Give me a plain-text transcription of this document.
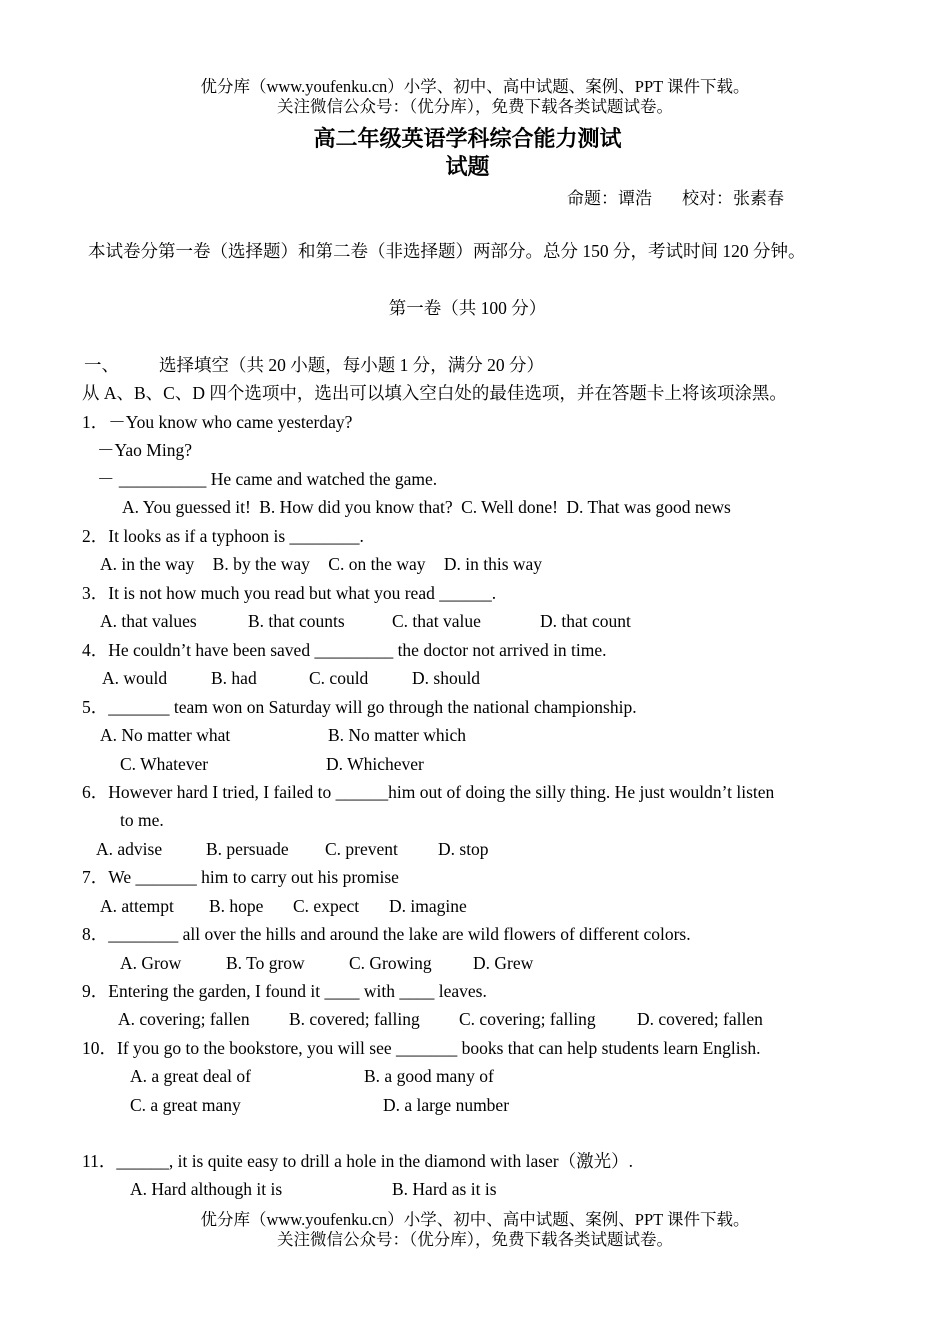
优分库（www.youfenku.cn）小学、初中、高中试题、案例、PPT 课件下载。
关注微信公众号：（优分库），免费下载各类试题试卷。
高二年级英语学科综合能力测试
试题
命题：谭浩 校对：张素春
本试卷分第一卷（选择题）和第二卷（非选择题）两部分。总分 150 分，考试时间 120 分钟。
第一卷（共 100 分）
一、 选择填空（共 20 小题，每小题 1 分，满分 20 分）
从 A、B、C、D 四个选项中，选出可以填入空白处的最佳选项，并在答题卡上将该项涂黑。
1．－You know who came yesterday?
－Yao Ming?
－ __________ He came and watched the game.
A. You guessed it! B. How did you know that? C. Well done! D. That was good news
2．It looks as if a typhoon is ________.
A. in the way B. by the way C. on the way D. in this way
3．It is not how much you read but what you read ______.
A. that values	B. that counts	C. that value	D. that count
4．He couldn’t have been saved _________ the doctor not arrived in time.
A. would	B. had	C. could D. should
5．_______ team won on Saturday will go through the national championship.
A. No matter what	B. No matter which
C. Whatever	D. Whichever
6．However hard I tried, I failed to ______him out of doing the silly thing. He just wouldn’t listen
to me.
A. advise	B. persuade C. prevent D. stop
7．We _______ him to carry out his promise
A. attempt B. hope C. expect D. imagine
8．________ all over the hills and around the lake are wild flowers of different colors.
A. Grow	B. To grow	C. Growing D. Grew
9．Entering the garden, I found it ____ with ____ leaves.
A. covering; fallen B. covered; falling C. covering; falling D. covered; fallen
10．If you go to the bookstore, you will see _______ books that can help students learn English.
A. a great deal of	B. a good many of
C. a great many	D. a large number
11．______, it is quite easy to drill a hole in the diamond with laser（激光）.
A. Hard although it is	B. Hard as it is
优分库（www.youfenku.cn）小学、初中、高中试题、案例、PPT 课件下载。
关注微信公众号：（优分库），免费下载各类试题试卷。
